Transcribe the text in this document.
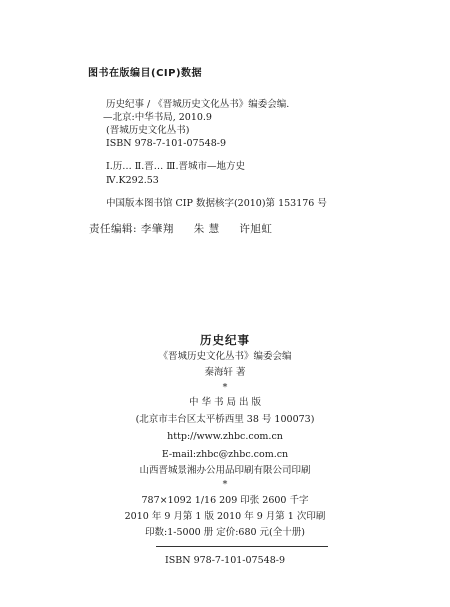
图书在版编目(CIP)数据
历史纪事 / 《晋城历史文化丛书》编委会编.
—北京:中华书局, 2010.9
(晋城历史文化丛书)
ISBN 978-7-101-07548-9
Ⅰ.历… Ⅱ.晋… Ⅲ.晋城市—地方史
Ⅳ.K292.53
中国版本图书馆 CIP 数据核字(2010)第 153176 号
责任编辑: 李肇翔 朱 慧 许旭虹
历史纪事
《晋城历史文化丛书》编委会编
秦海轩 著
*
中 华 书 局 出 版
(北京市丰台区太平桥西里 38 号 100073)
http://www.zhbc.com.cn
E-mail:zhbc@zhbc.com.cn
山西晋城景湘办公用品印刷有限公司印刷
*
787×1092 1/16 209 印张 2600 千字
2010 年 9 月第 1 版 2010 年 9 月第 1 次印刷
印数:1-5000 册 定价:680 元(全十册)
ISBN 978-7-101-07548-9
